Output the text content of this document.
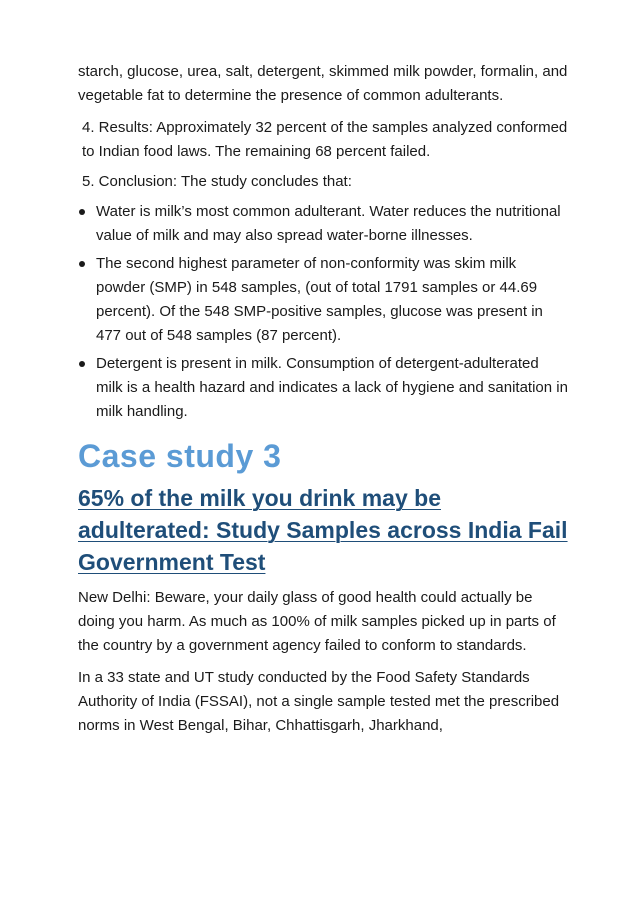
starch, glucose, urea, salt, detergent, skimmed milk powder, formalin, and vegetable fat to determine the presence of common adulterants.

4. Results: Approximately 32 percent of the samples analyzed conformed to Indian food laws. The remaining 68 percent failed.

5. Conclusion: The study concludes that:

Water is milk’s most common adulterant. Water reduces the nutritional value of milk and may also spread water-borne illnesses.
The second highest parameter of non-conformity was skim milk powder (SMP) in 548 samples, (out of total 1791 samples or 44.69 percent). Of the 548 SMP-positive samples, glucose was present in 477 out of 548 samples (87 percent).
Detergent is present in milk. Consumption of detergent-adulterated milk is a health hazard and indicates a lack of hygiene and sanitation in milk handling.
Case study 3
65% of the milk you drink may be adulterated: Study Samples across India Fail Government Test

New Delhi: Beware, your daily glass of good health could actually be doing you harm. As much as 100% of milk samples picked up in parts of the country by a government agency failed to conform to standards.

In a 33 state and UT study conducted by the Food Safety Standards Authority of India (FSSAI), not a single sample tested met the prescribed norms in West Bengal, Bihar, Chhattisgarh, Jharkhand,
